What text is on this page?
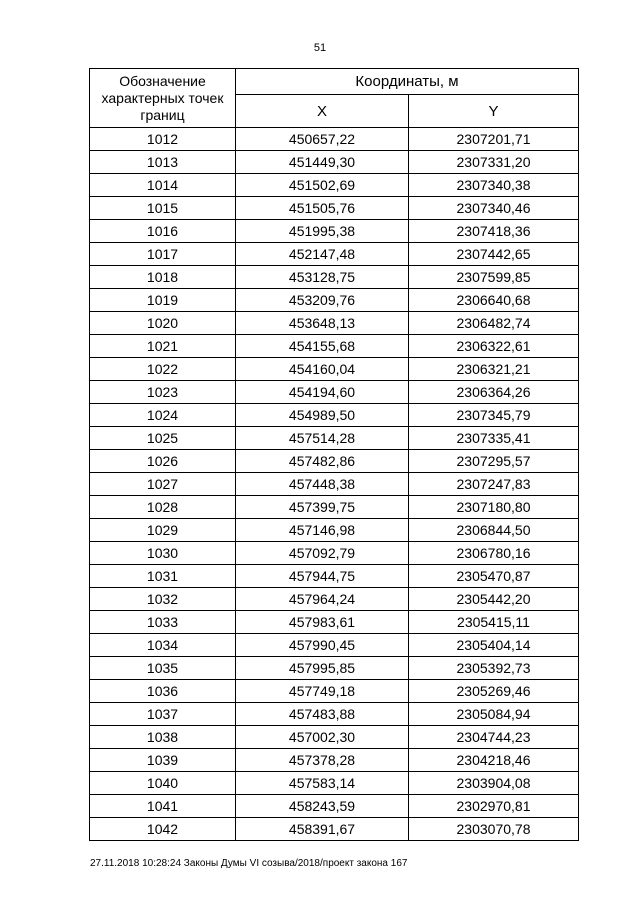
51
Обозначение характерных точек границ	Координаты, м	
	X	Y
1012	450657,22	2307201,71
1013	451449,30	2307331,20
1014	451502,69	2307340,38
1015	451505,76	2307340,46
1016	451995,38	2307418,36
1017	452147,48	2307442,65
1018	453128,75	2307599,85
1019	453209,76	2306640,68
1020	453648,13	2306482,74
1021	454155,68	2306322,61
1022	454160,04	2306321,21
1023	454194,60	2306364,26
1024	454989,50	2307345,79
1025	457514,28	2307335,41
1026	457482,86	2307295,57
1027	457448,38	2307247,83
1028	457399,75	2307180,80
1029	457146,98	2306844,50
1030	457092,79	2306780,16
1031	457944,75	2305470,87
1032	457964,24	2305442,20
1033	457983,61	2305415,11
1034	457990,45	2305404,14
1035	457995,85	2305392,73
1036	457749,18	2305269,46
1037	457483,88	2305084,94
1038	457002,30	2304744,23
1039	457378,28	2304218,46
1040	457583,14	2303904,08
1041	458243,59	2302970,81
1042	458391,67	2303070,78
27.11.2018 10:28:24 Законы Думы VI созыва/2018/проект закона 167
